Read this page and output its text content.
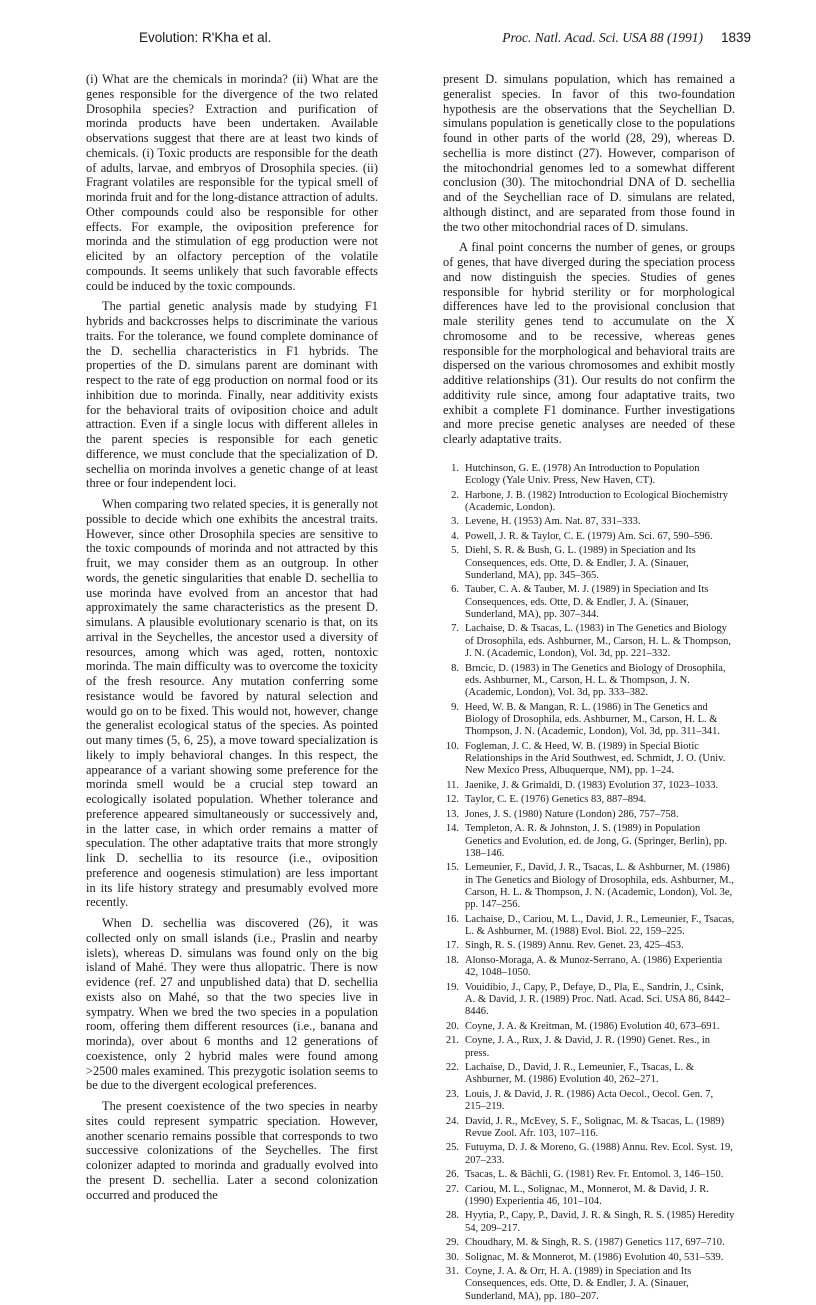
Evolution: R'Kha et al.	Proc. Natl. Acad. Sci. USA 88 (1991) 1839

(i) What are the chemicals in morinda? (ii) What are the genes responsible for the divergence of the two related Drosophila species? Extraction and purification of morinda products have been undertaken. Available observations suggest that there are at least two kinds of chemicals. (i) Toxic products are responsible for the death of adults, larvae, and embryos of Drosophila species. (ii) Fragrant volatiles are responsible for the typical smell of morinda fruit and for the long-distance attraction of adults. Other compounds could also be responsible for other effects. For example, the oviposition preference for morinda and the stimulation of egg production were not elicited by an olfactory perception of the volatile compounds. It seems unlikely that such favorable effects could be induced by the toxic compounds.

The partial genetic analysis made by studying F1 hybrids and backcrosses helps to discriminate the various traits. For the tolerance, we found complete dominance of the D. sechellia characteristics in F1 hybrids. The properties of the D. simulans parent are dominant with respect to the rate of egg production on normal food or its inhibition due to morinda. Finally, near additivity exists for the behavioral traits of oviposition choice and adult attraction. Even if a single locus with different alleles in the parent species is responsible for each genetic difference, we must conclude that the specialization of D. sechellia on morinda involves a genetic change of at least three or four independent loci.

When comparing two related species, it is generally not possible to decide which one exhibits the ancestral traits. However, since other Drosophila species are sensitive to the toxic compounds of morinda and not attracted by this fruit, we may consider them as an outgroup. In other words, the genetic singularities that enable D. sechellia to use morinda have evolved from an ancestor that had approximately the same characteristics as the present D. simulans. A plausible evolutionary scenario is that, on its arrival in the Seychelles, the ancestor used a diversity of resources, among which was aged, rotten, nontoxic morinda. The main difficulty was to overcome the toxicity of the fresh resource. Any mutation conferring some resistance would be favored by natural selection and would go on to be fixed. This would not, however, change the generalist ecological status of the species. As pointed out many times (5, 6, 25), a move toward specialization is likely to imply behavioral changes. In this respect, the appearance of a variant showing some preference for the morinda smell would be a crucial step toward an ecologically isolated population. Whether tolerance and preference appeared simultaneously or successively and, in the latter case, in which order remains a matter of speculation. The other adaptative traits that more strongly link D. sechellia to its resource (i.e., oviposition preference and oogenesis stimulation) are less important in its life history strategy and presumably evolved more recently.

When D. sechellia was discovered (26), it was collected only on small islands (i.e., Praslin and nearby islets), whereas D. simulans was found only on the big island of Mahé. They were thus allopatric. There is now evidence (ref. 27 and unpublished data) that D. sechellia exists also on Mahé, so that the two species live in sympatry. When we bred the two species in a population room, offering them different resources (i.e., banana and morinda), over about 6 months and 12 generations of coexistence, only 2 hybrid males were found among >2500 males examined. This prezygotic isolation seems to be due to the divergent ecological preferences.

The present coexistence of the two species in nearby sites could represent sympatric speciation. However, another scenario remains possible that corresponds to two successive colonizations of the Seychelles. The first colonizer adapted to morinda and gradually evolved into the present D. sechellia. Later a second colonization occurred and produced the

present D. simulans population, which has remained a generalist species. In favor of this two-foundation hypothesis are the observations that the Seychellian D. simulans population is genetically close to the populations found in other parts of the world (28, 29), whereas D. sechellia is more distinct (27). However, comparison of the mitochondrial genomes led to a somewhat different conclusion (30). The mitochondrial DNA of D. sechellia and of the Seychellian race of D. simulans are related, although distinct, and are separated from those found in the two other mitochondrial races of D. simulans.

A final point concerns the number of genes, or groups of genes, that have diverged during the speciation process and now distinguish the species. Studies of genes responsible for hybrid sterility or for morphological differences have led to the provisional conclusion that male sterility genes tend to accumulate on the X chromosome and to be recessive, whereas genes responsible for the morphological and behavioral traits are dispersed on the various chromosomes and exhibit mostly additive relationships (31). Our results do not confirm the additivity rule since, among four adaptative traits, two exhibit a complete F1 dominance. Further investigations and more precise genetic analyses are needed of these clearly adaptative traits.

1. Hutchinson, G. E. (1978) An Introduction to Population Ecology (Yale Univ. Press, New Haven, CT).
2. Harbone, J. B. (1982) Introduction to Ecological Biochemistry (Academic, London).
3. Levene, H. (1953) Am. Nat. 87, 331–333.
4. Powell, J. R. & Taylor, C. E. (1979) Am. Sci. 67, 590–596.
5. Diehl, S. R. & Bush, G. L. (1989) in Speciation and Its Consequences, eds. Otte, D. & Endler, J. A. (Sinauer, Sunderland, MA), pp. 345–365.
6. Tauber, C. A. & Tauber, M. J. (1989) in Speciation and Its Consequences, eds. Otte, D. & Endler, J. A. (Sinauer, Sunderland, MA), pp. 307–344.
7. Lachaise, D. & Tsacas, L. (1983) in The Genetics and Biology of Drosophila, eds. Ashburner, M., Carson, H. L. & Thompson, J. N. (Academic, London), Vol. 3d, pp. 221–332.
8. Brncic, D. (1983) in The Genetics and Biology of Drosophila, eds. Ashburner, M., Carson, H. L. & Thompson, J. N. (Academic, London), Vol. 3d, pp. 333–382.
9. Heed, W. B. & Mangan, R. L. (1986) in The Genetics and Biology of Drosophila, eds. Ashburner, M., Carson, H. L. & Thompson, J. N. (Academic, London), Vol. 3d, pp. 311–341.
10. Fogleman, J. C. & Heed, W. B. (1989) in Special Biotic Relationships in the Arid Southwest, ed. Schmidt, J. O. (Univ. New Mexico Press, Albuquerque, NM), pp. 1–24.
11. Jaenike, J. & Grimaldi, D. (1983) Evolution 37, 1023–1033.
12. Taylor, C. E. (1976) Genetics 83, 887–894.
13. Jones, J. S. (1980) Nature (London) 286, 757–758.
14. Templeton, A. R. & Johnston, J. S. (1989) in Population Genetics and Evolution, ed. de Jong, G. (Springer, Berlin), pp. 138–146.
15. Lemeunier, F., David, J. R., Tsacas, L. & Ashburner, M. (1986) in The Genetics and Biology of Drosophila, eds. Ashburner, M., Carson, H. L. & Thompson, J. N. (Academic, London), Vol. 3e, pp. 147–256.
16. Lachaise, D., Cariou, M. L., David, J. R., Lemeunier, F., Tsacas, L. & Ashburner, M. (1988) Evol. Biol. 22, 159–225.
17. Singh, R. S. (1989) Annu. Rev. Genet. 23, 425–453.
18. Alonso-Moraga, A. & Munoz-Serrano, A. (1986) Experientia 42, 1048–1050.
19. Vouidibio, J., Capy, P., Defaye, D., Pla, E., Sandrin, J., Csink, A. & David, J. R. (1989) Proc. Natl. Acad. Sci. USA 86, 8442–8446.
20. Coyne, J. A. & Kreitman, M. (1986) Evolution 40, 673–691.
21. Coyne, J. A., Rux, J. & David, J. R. (1990) Genet. Res., in press.
22. Lachaise, D., David, J. R., Lemeunier, F., Tsacas, L. & Ashburner, M. (1986) Evolution 40, 262–271.
23. Louis, J. & David, J. R. (1986) Acta Oecol., Oecol. Gen. 7, 215–219.
24. David, J. R., McEvey, S. F., Solignac, M. & Tsacas, L. (1989) Revue Zool. Afr. 103, 107–116.
25. Futuyma, D. J. & Moreno, G. (1988) Annu. Rev. Ecol. Syst. 19, 207–233.
26. Tsacas, L. & Bächli, G. (1981) Rev. Fr. Entomol. 3, 146–150.
27. Cariou, M. L., Solignac, M., Monnerot, M. & David, J. R. (1990) Experientia 46, 101–104.
28. Hyytia, P., Capy, P., David, J. R. & Singh, R. S. (1985) Heredity 54, 209–217.
29. Choudhary, M. & Singh, R. S. (1987) Genetics 117, 697–710.
30. Solignac, M. & Monnerot, M. (1986) Evolution 40, 531–539.
31. Coyne, J. A. & Orr, H. A. (1989) in Speciation and Its Consequences, eds. Otte, D. & Endler, J. A. (Sinauer, Sunderland, MA), pp. 180–207.
